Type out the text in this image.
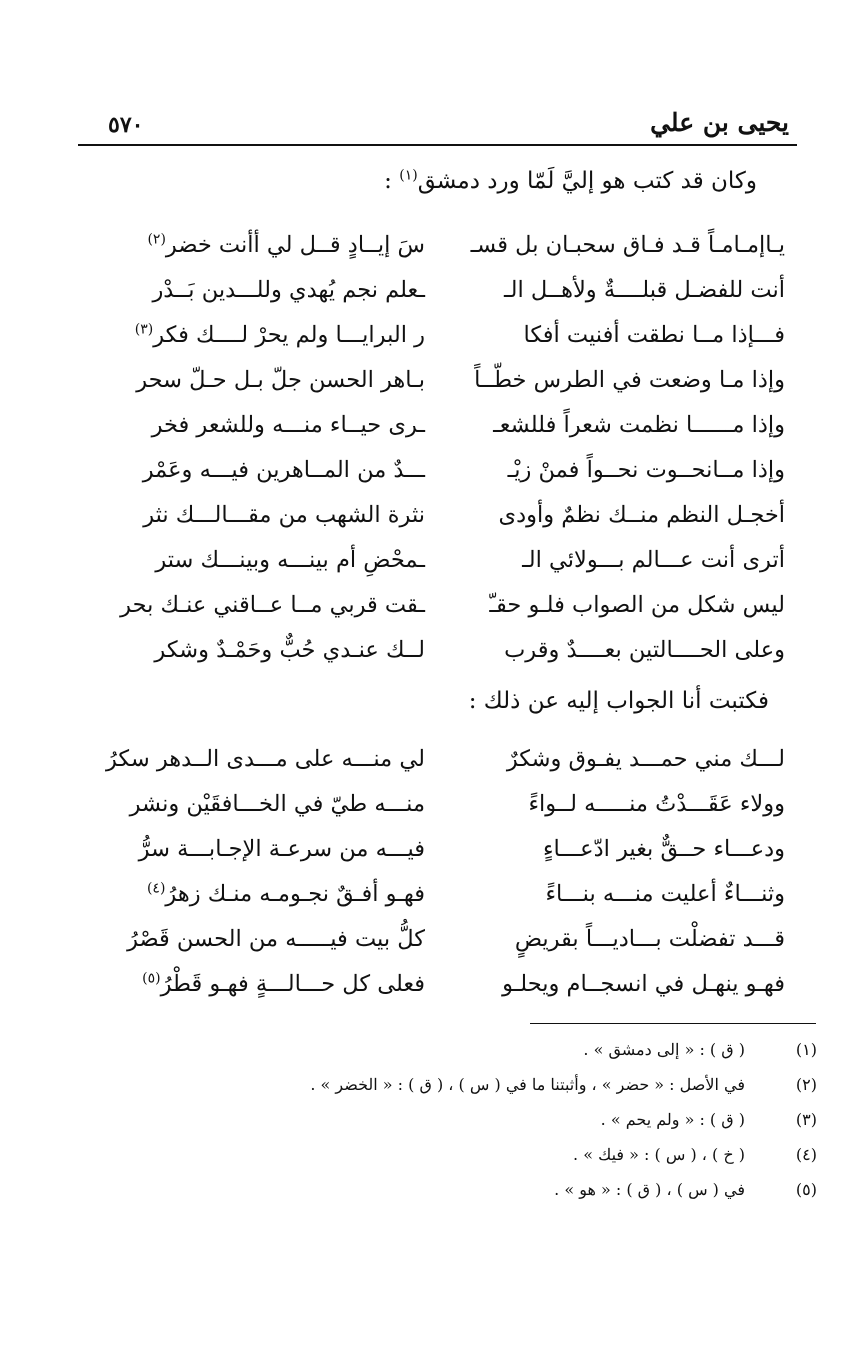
يحيى بن علي
٥٧٠
وكان قد كتب هو إليَّ لَمّا ورد دمشق$^{(١)}$ :
يـاإمـامـاً قـد فـاق سحبـان بل قسـ
سَ إيــادٍ قــل لي أأنت خضر$^{(٢)}$
أنت للفضـل قبلــــةٌ ولأهــل الـ
ـعلم نجم يُهدي وللـــدين بَــدْر
فـــإذا مــا نطقت أفنيت أفكا
ر البرايـــا ولم يحرْ لــــك فكر$^{(٣)}$
وإذا مـا وضعت في الطرس خطّــاً
بـاهر الحسن جلّ بـل حـلّ سحر
وإذا مــــــا نظمت شعراً فللشعـ
ـرى حيــاء منـــه وللشعر فخر
وإذا مــانحــوت نحــواً فمنْ زيْـ
ـــدٌ من المــاهرين فيـــه وعَمْر
أخجـل النظم منــك نظمٌ وأودى
نثرة الشهب من مقـــالـــك نثر
أترى أنت عـــالم بـــولائي الـ
ـمحْضِ أم بينـــه وبينـــك ستر
ليس شكل من الصواب فلـو حقـّ
ـقت قربي مــا عــاقني عنـك بحر
وعلى الحــــالتين بعــــدٌ وقرب
لــك عنـدي حُبٌّ وحَمْـدٌ وشكر
فكتبت أنا الجواب إليه عن ذلك :
لـــك مني حمـــد يفـوق وشكرٌ
لي منـــه على مـــدى الــدهر سكرُ
وولاء عَقَـــدْتُ منـــــه لــواءً
منـــه طيّ في الخـــافقَيْن ونشر
ودعـــاء حــقٌّ بغير ادّعـــاءٍ
فيـــه من سرعـة الإجـابـــة سرُّ
وثنـــاءٌ أعليت منـــه بنـــاءً
فهـو أفـقٌ نجـومـه منـك زهرُ$^{(٤)}$
قـــد تفضلْت بـــاديـــاً بقريضٍ
كلُّ بيت فيـــــه من الحسن قَصْرُ
فهـو ينهـل في انسجــام ويحلـو
فعلى كل حـــالـــةٍ فهـو قَطْرُ$^{(٥)}$
(١)
( ق ) : « إلى دمشق » .
(٢)
في الأصل : « حضر » ، وأثبتنا ما في ( س ) ، ( ق ) : « الخضر » .
(٣)
( ق ) : « ولم يحم » .
(٤)
( خ ) ، ( س ) : « فيك » .
(٥)
في ( س ) ، ( ق ) : « هو » .
